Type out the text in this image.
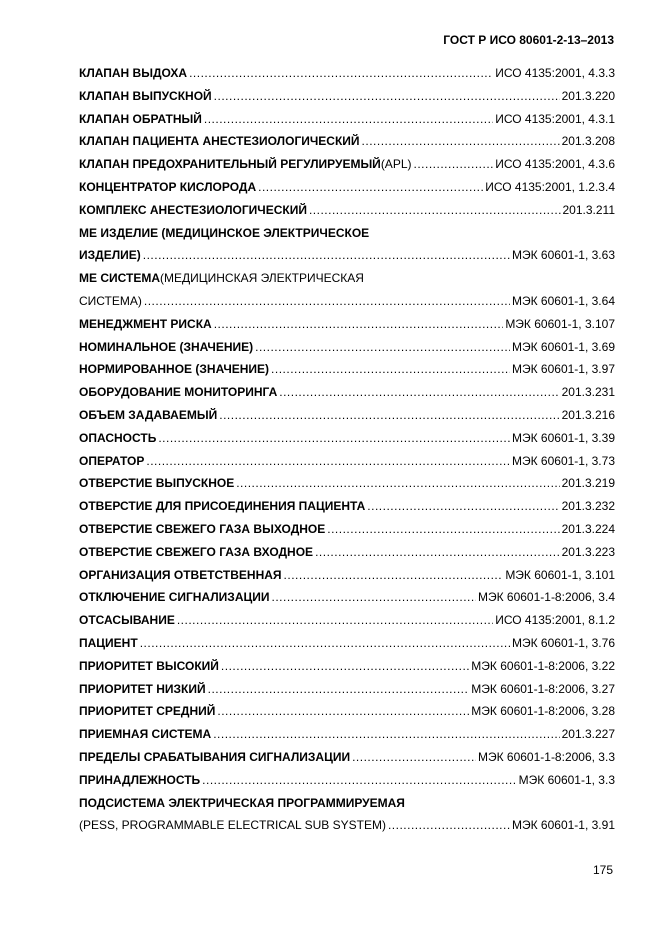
ГОСТ Р ИСО 80601-2-13–2013
КЛАПАН ВЫДОХА .....	ИСО 4135:2001, 4.3.3
КЛАПАН ВЫПУСКНОЙ .....	201.3.220
КЛАПАН ОБРАТНЫЙ .....	ИСО 4135:2001, 4.3.1
КЛАПАН ПАЦИЕНТА АНЕСТЕЗИОЛОГИЧЕСКИЙ .....	201.3.208
КЛАПАН ПРЕДОХРАНИТЕЛЬНЫЙ РЕГУЛИРУЕМЫЙ (APL) .....	ИСО 4135:2001, 4.3.6
КОНЦЕНТРАТОР КИСЛОРОДА .....	ИСО 4135:2001, 1.2.3.4
КОМПЛЕКС АНЕСТЕЗИОЛОГИЧЕСКИЙ .....	201.3.211
МЕ ИЗДЕЛИЕ (МЕДИЦИНСКОЕ ЭЛЕКТРИЧЕСКОЕ
ИЗДЕЛИЕ) .....	МЭК 60601-1, 3.63
МЕ СИСТЕМА (МЕДИЦИНСКАЯ ЭЛЕКТРИЧЕСКАЯ
СИСТЕМА) .....	МЭК 60601-1, 3.64
МЕНЕДЖМЕНТ РИСКА .....	МЭК 60601-1, 3.107
НОМИНАЛЬНОЕ (ЗНАЧЕНИЕ) .....	МЭК 60601-1, 3.69
НОРМИРОВАННОЕ (ЗНАЧЕНИЕ) .....	МЭК 60601-1, 3.97
ОБОРУДОВАНИЕ МОНИТОРИНГА .....	201.3.231
ОБЪЕМ ЗАДАВАЕМЫЙ .....	201.3.216
ОПАСНОСТЬ .....	МЭК 60601-1, 3.39
ОПЕРАТОР .....	МЭК 60601-1, 3.73
ОТВЕРСТИЕ ВЫПУСКНОЕ .....	201.3.219
ОТВЕРСТИЕ ДЛЯ ПРИСОЕДИНЕНИЯ ПАЦИЕНТА .....	201.3.232
ОТВЕРСТИЕ СВЕЖЕГО ГАЗА ВЫХОДНОЕ .....	201.3.224
ОТВЕРСТИЕ СВЕЖЕГО ГАЗА ВХОДНОЕ .....	201.3.223
ОРГАНИЗАЦИЯ ОТВЕТСТВЕННАЯ .....	МЭК 60601-1, 3.101
ОТКЛЮЧЕНИЕ СИГНАЛИЗАЦИИ .....	МЭК 60601-1-8:2006, 3.4
ОТСАСЫВАНИЕ .....	ИСО 4135:2001, 8.1.2
ПАЦИЕНТ .....	МЭК 60601-1, 3.76
ПРИОРИТЕТ ВЫСОКИЙ .....	МЭК 60601-1-8:2006, 3.22
ПРИОРИТЕТ НИЗКИЙ .....	МЭК 60601-1-8:2006, 3.27
ПРИОРИТЕТ СРЕДНИЙ .....	МЭК 60601-1-8:2006, 3.28
ПРИЕМНАЯ СИСТЕМА .....	201.3.227
ПРЕДЕЛЫ СРАБАТЫВАНИЯ СИГНАЛИЗАЦИИ .....	МЭК 60601-1-8:2006, 3.3
ПРИНАДЛЕЖНОСТЬ .....	МЭК 60601-1, 3.3
ПОДСИСТЕМА ЭЛЕКТРИЧЕСКАЯ ПРОГРАММИРУЕМАЯ
(PESS, PROGRAMMABLE ELECTRICAL SUB SYSTEM) .....	МЭК 60601-1, 3.91
175
